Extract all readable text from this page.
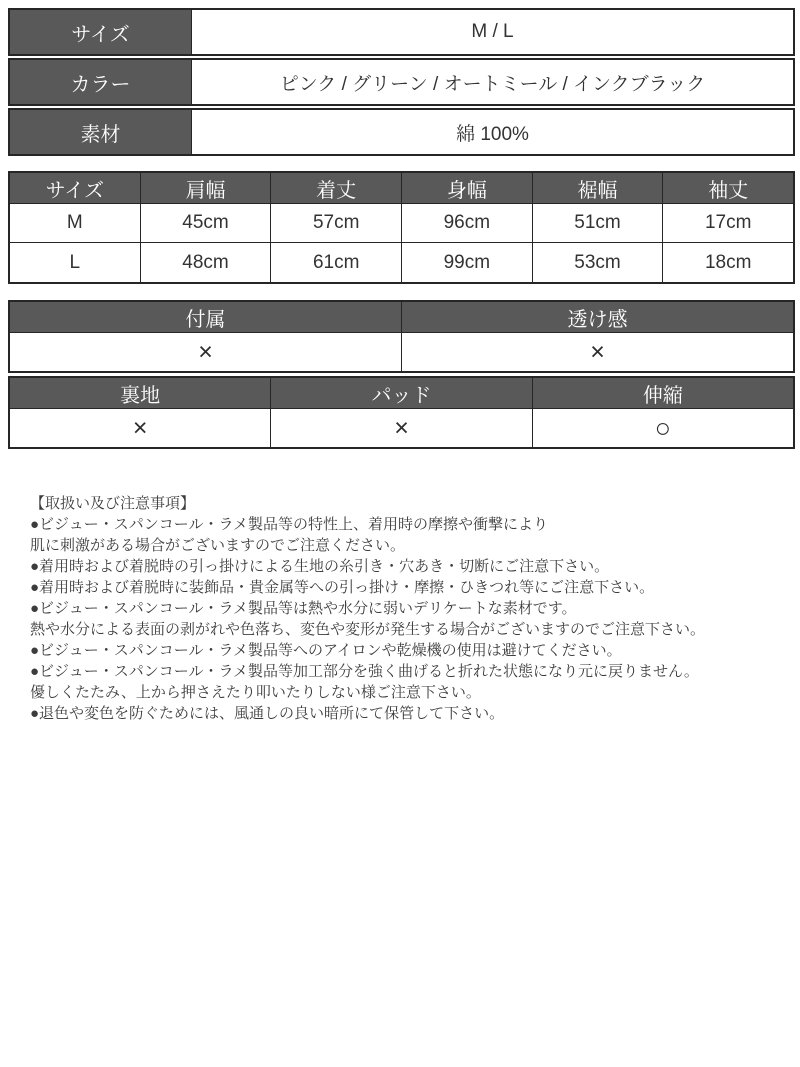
サイズ	M / L
カラー	ピンク / グリーン / オートミール / インクブラック
素材	綿 100%
サイズ	肩幅	着丈	身幅	裾幅	袖丈
M	45cm	57cm	96cm	51cm	17cm
L	48cm	61cm	99cm	53cm	18cm
付属	透け感
×	×
裏地	パッド	伸縮
×	×	○
【取扱い及び注意事項】
●ビジュー・スパンコール・ラメ製品等の特性上、着用時の摩擦や衝撃により
肌に刺激がある場合がございますのでご注意ください。
●着用時および着脱時の引っ掛けによる生地の糸引き・穴あき・切断にご注意下さい。
●着用時および着脱時に装飾品・貴金属等への引っ掛け・摩擦・ひきつれ等にご注意下さい。
●ビジュー・スパンコール・ラメ製品等は熱や水分に弱いデリケートな素材です。
熱や水分による表面の剥がれや色落ち、変色や変形が発生する場合がございますのでご注意下さい。
●ビジュー・スパンコール・ラメ製品等へのアイロンや乾燥機の使用は避けてください。
●ビジュー・スパンコール・ラメ製品等加工部分を強く曲げると折れた状態になり元に戻りません。
優しくたたみ、上から押さえたり叩いたりしない様ご注意下さい。
●退色や変色を防ぐためには、風通しの良い暗所にて保管して下さい。
